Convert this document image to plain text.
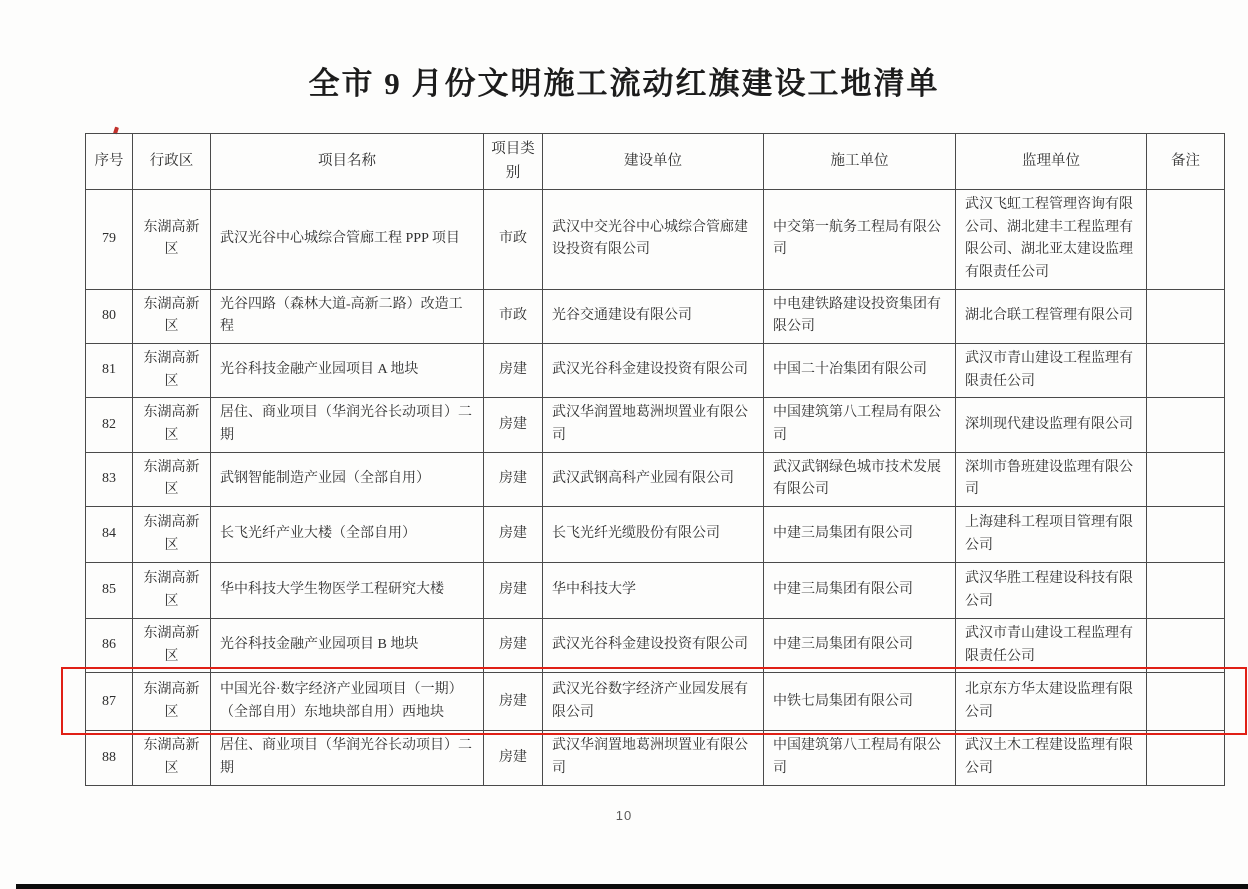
全市 9 月份文明施工流动红旗建设工地清单
序号	行政区	项目名称	项目类别	建设单位	施工单位	监理单位	备注
79	东湖高新区	武汉光谷中心城综合管廊工程 PPP 项目	市政	武汉中交光谷中心城综合管廊建设投资有限公司	中交第一航务工程局有限公司	武汉飞虹工程管理咨询有限公司、湖北建丰工程监理有限公司、湖北亚太建设监理有限责任公司	
80	东湖高新区	光谷四路（森林大道-高新二路）改造工程	市政	光谷交通建设有限公司	中电建铁路建设投资集团有限公司	湖北合联工程管理有限公司	
81	东湖高新区	光谷科技金融产业园项目 A 地块	房建	武汉光谷科金建设投资有限公司	中国二十冶集团有限公司	武汉市青山建设工程监理有限责任公司	
82	东湖高新区	居住、商业项目（华润光谷长动项目）二期	房建	武汉华润置地葛洲坝置业有限公司	中国建筑第八工程局有限公司	深圳现代建设监理有限公司	
83	东湖高新区	武钢智能制造产业园（全部自用）	房建	武汉武钢高科产业园有限公司	武汉武钢绿色城市技术发展有限公司	深圳市鲁班建设监理有限公司	
84	东湖高新区	长飞光纤产业大楼（全部自用）	房建	长飞光纤光缆股份有限公司	中建三局集团有限公司	上海建科工程项目管理有限公司	
85	东湖高新区	华中科技大学生物医学工程研究大楼	房建	华中科技大学	中建三局集团有限公司	武汉华胜工程建设科技有限公司	
86	东湖高新区	光谷科技金融产业园项目 B 地块	房建	武汉光谷科金建设投资有限公司	中建三局集团有限公司	武汉市青山建设工程监理有限责任公司	
87	东湖高新区	中国光谷·数字经济产业园项目（一期）（全部自用）东地块部自用）西地块	房建	武汉光谷数字经济产业园发展有限公司	中铁七局集团有限公司	北京东方华太建设监理有限公司	
88	东湖高新区	居住、商业项目（华润光谷长动项目）二期	房建	武汉华润置地葛洲坝置业有限公司	中国建筑第八工程局有限公司	武汉土木工程建设监理有限公司	
10
